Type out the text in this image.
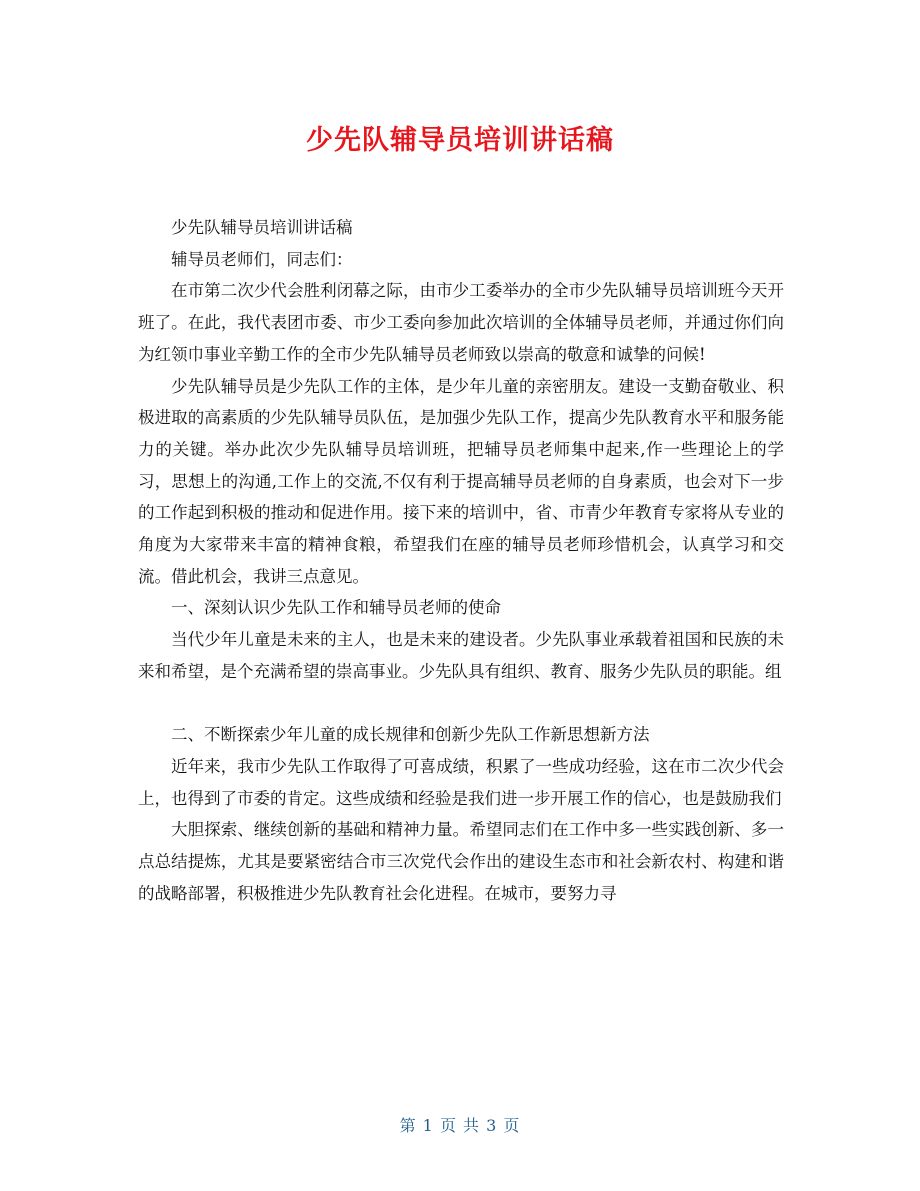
少先队辅导员培训讲话稿

少先队辅导员培训讲话稿

辅导员老师们，同志们：

在市第二次少代会胜利闭幕之际，由市少工委举办的全市少先队辅导员培训班今天开班了。在此，我代表团市委、市少工委向参加此次培训的全体辅导员老师，并通过你们向为红领巾事业辛勤工作的全市少先队辅导员老师致以崇高的敬意和诚挚的问候!

少先队辅导员是少先队工作的主体，是少年儿童的亲密朋友。建设一支勤奋敬业、积极进取的高素质的少先队辅导员队伍，是加强少先队工作，提高少先队教育水平和服务能力的关键。举办此次少先队辅导员培训班，把辅导员老师集中起来,作一些理论上的学习，思想上的沟通,工作上的交流,不仅有利于提高辅导员老师的自身素质，也会对下一步的工作起到积极的推动和促进作用。接下来的培训中，省、市青少年教育专家将从专业的角度为大家带来丰富的精神食粮，希望我们在座的辅导员老师珍惜机会，认真学习和交流。借此机会，我讲三点意见。

一、深刻认识少先队工作和辅导员老师的使命

当代少年儿童是未来的主人，也是未来的建设者。少先队事业承载着祖国和民族的未来和希望，是个充满希望的崇高事业。少先队具有组织、教育、服务少先队员的职能。组

二、不断探索少年儿童的成长规律和创新少先队工作新思想新方法

近年来，我市少先队工作取得了可喜成绩，积累了一些成功经验，这在市二次少代会上，也得到了市委的肯定。这些成绩和经验是我们进一步开展工作的信心，也是鼓励我们

大胆探索、继续创新的基础和精神力量。希望同志们在工作中多一些实践创新、多一点总结提炼，尤其是要紧密结合市三次党代会作出的建设生态市和社会新农村、构建和谐的战略部署，积极推进少先队教育社会化进程。在城市，要努力寻

第 1 页 共 3 页
